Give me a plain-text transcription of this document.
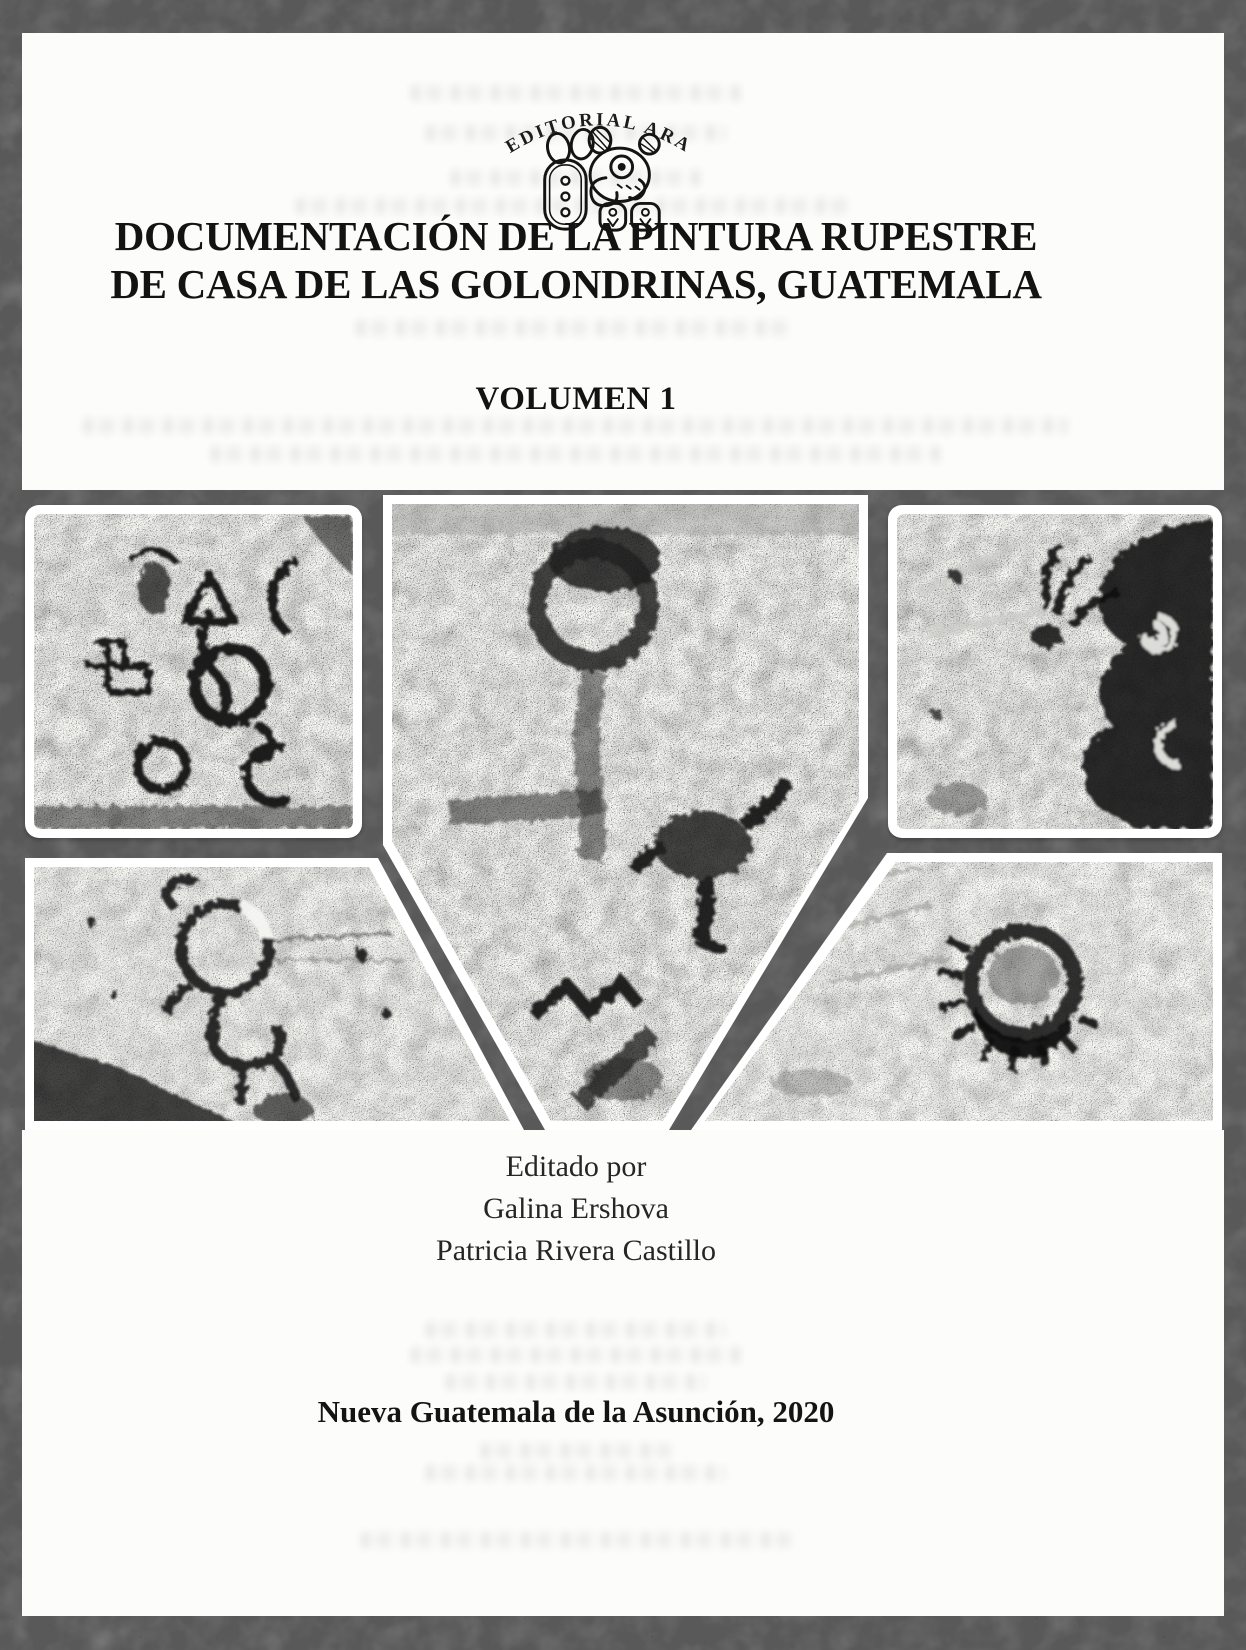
EDITORIAL ARA
DOCUMENTACIÓN DE LA PINTURA RUPESTRE
DE CASA DE LAS GOLONDRINAS, GUATEMALA
VOLUMEN 1
Editado por
Galina Ershova
Patricia Rivera Castillo
Nueva Guatemala de la Asunción, 2020
